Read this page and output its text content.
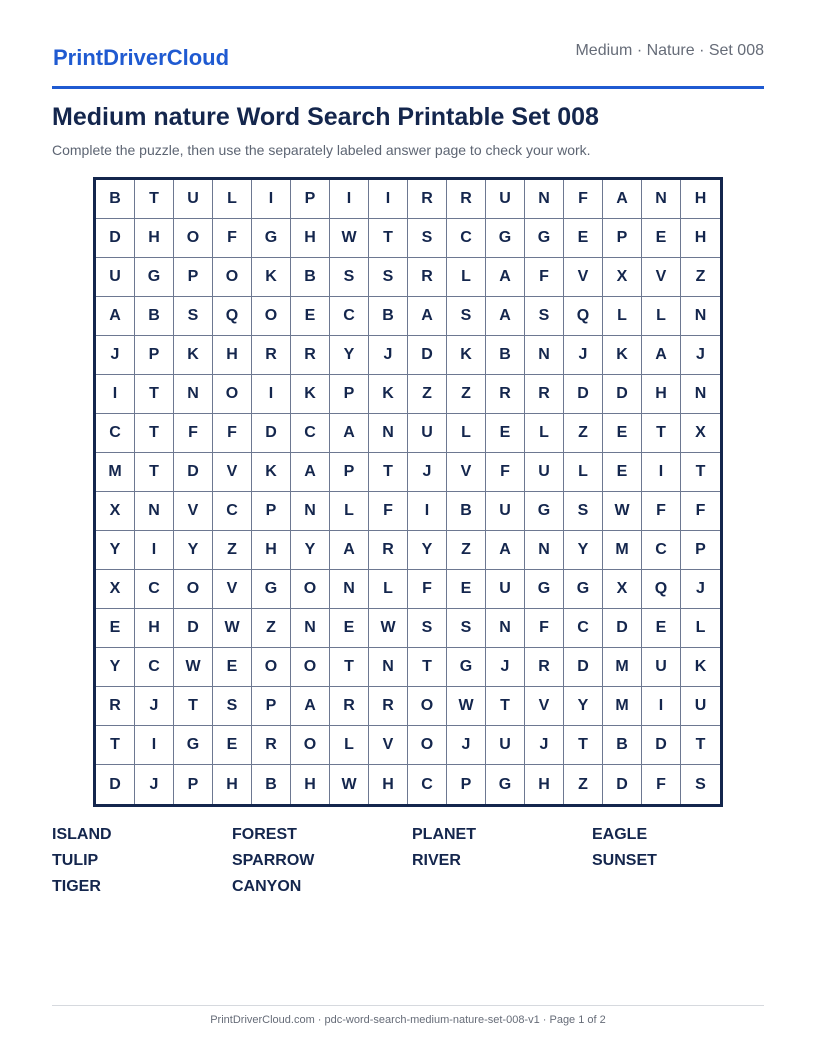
PrintDriverCloud	Medium · Nature · Set 008
Medium nature Word Search Printable Set 008

Complete the puzzle, then use the separately labeled answer page to check your work.

B	T	U	L	I	P	I	I	R	R	U	N	F	A	N	H
D	H	O	F	G	H	W	T	S	C	G	G	E	P	E	H
U	G	P	O	K	B	S	S	R	L	A	F	V	X	V	Z
A	B	S	Q	O	E	C	B	A	S	A	S	Q	L	L	N
J	P	K	H	R	R	Y	J	D	K	B	N	J	K	A	J
I	T	N	O	I	K	P	K	Z	Z	R	R	D	D	H	N
C	T	F	F	D	C	A	N	U	L	E	L	Z	E	T	X
M	T	D	V	K	A	P	T	J	V	F	U	L	E	I	T
X	N	V	C	P	N	L	F	I	B	U	G	S	W	F	F
Y	I	Y	Z	H	Y	A	R	Y	Z	A	N	Y	M	C	P
X	C	O	V	G	O	N	L	F	E	U	G	G	X	Q	J
E	H	D	W	Z	N	E	W	S	S	N	F	C	D	E	L
Y	C	W	E	O	O	T	N	T	G	J	R	D	M	U	K
R	J	T	S	P	A	R	R	O	W	T	V	Y	M	I	U
T	I	G	E	R	O	L	V	O	J	U	J	T	B	D	T
D	J	P	H	B	H	W	H	C	P	G	H	Z	D	F	S
ISLAND	FOREST	PLANET	EAGLE
TULIP	SPARROW	RIVER	SUNSET
TIGER	CANYON
PrintDriverCloud.com · pdc-word-search-medium-nature-set-008-v1 · Page 1 of 2
